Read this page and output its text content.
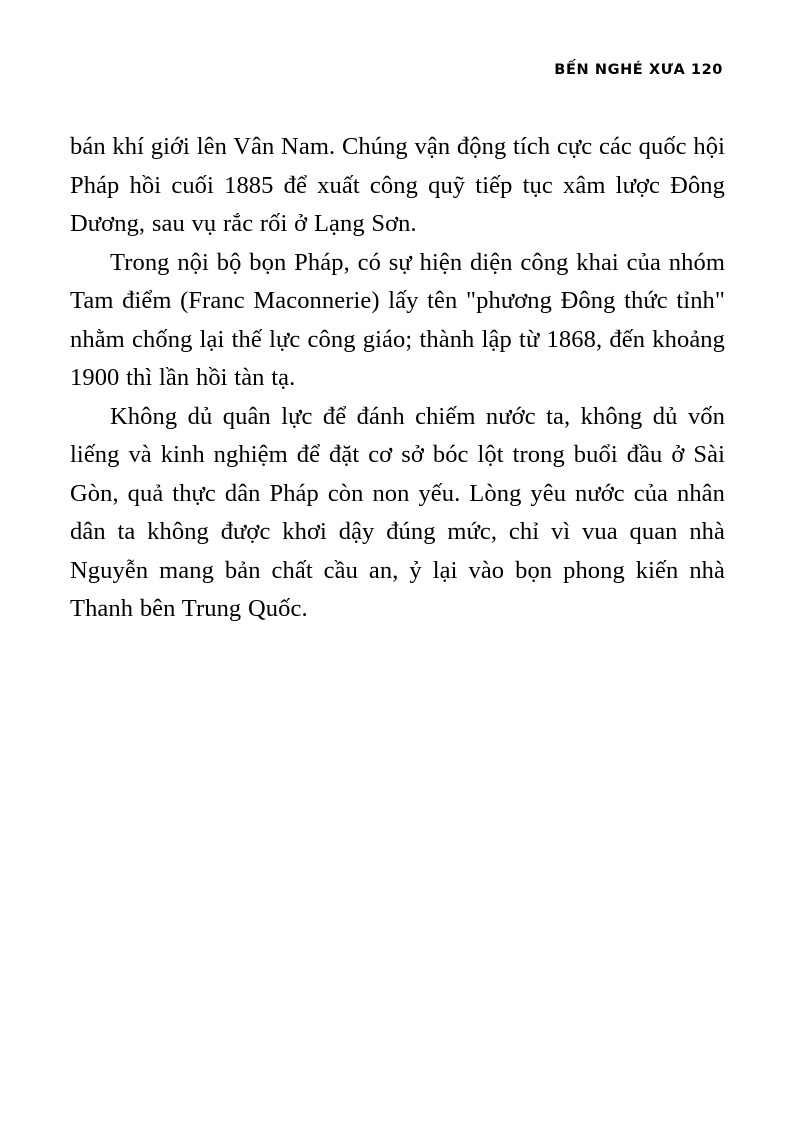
BẾN NGHÉ XƯA 120

bán khí giới lên Vân Nam. Chúng vận động tích cực các quốc hội Pháp hồi cuối 1885 để xuất công quỹ tiếp tục xâm lược Đông Dương, sau vụ rắc rối ở Lạng Sơn.

Trong nội bộ bọn Pháp, có sự hiện diện công khai của nhóm Tam điểm (Franc Maconnerie) lấy tên "phương Đông thức tỉnh" nhằm chống lại thế lực công giáo; thành lập từ 1868, đến khoảng 1900 thì lần hồi tàn tạ.

Không dủ quân lực để đánh chiếm nước ta, không dủ vốn liếng và kinh nghiệm để đặt cơ sở bóc lột trong buổi đầu ở Sài Gòn, quả thực dân Pháp còn non yếu. Lòng yêu nước của nhân dân ta không được khơi dậy đúng mức, chỉ vì vua quan nhà Nguyễn mang bản chất cầu an, ỷ lại vào bọn phong kiến nhà Thanh bên Trung Quốc.
